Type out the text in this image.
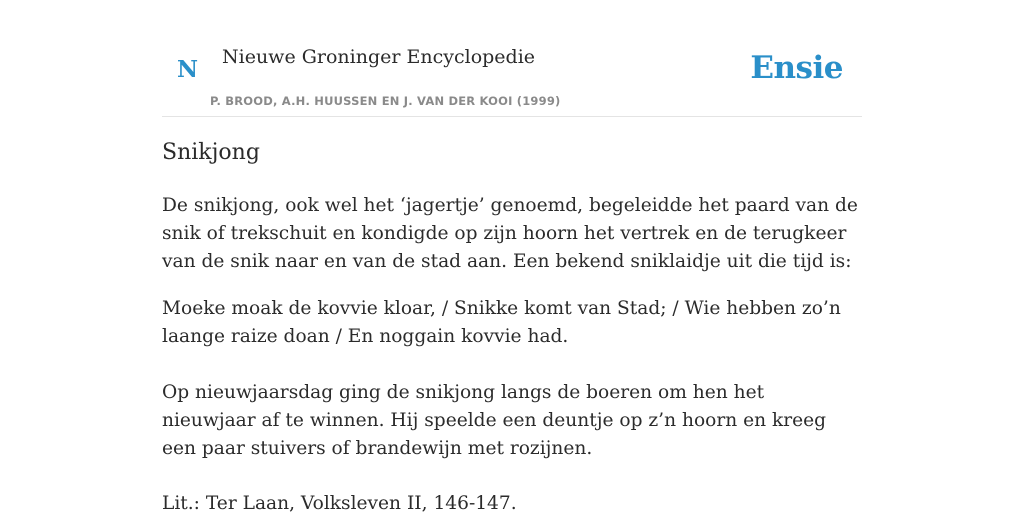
N Nieuwe Groninger Encyclopedie
P. BROOD, A.H. HUUSSEN EN J. VAN DER KOOI (1999)
Ensie
Snikjong

De snikjong, ook wel het ‘jagertje’ genoemd, begeleidde het paard van de snik of trekschuit en kondigde op zijn hoorn het vertrek en de terugkeer van de snik naar en van de stad aan. Een bekend sniklaidje uit die tijd is:

Moeke moak de kovvie kloar, / Snikke komt van Stad; / Wie hebben zo’n laange raize doan / En noggain kovvie had.

Op nieuwjaarsdag ging de snikjong langs de boeren om hen het nieuwjaar af te winnen. Hij speelde een deuntje op z’n hoorn en kreeg een paar stuivers of brandewijn met rozijnen.

Lit.: Ter Laan, Volksleven II, 146-147.
